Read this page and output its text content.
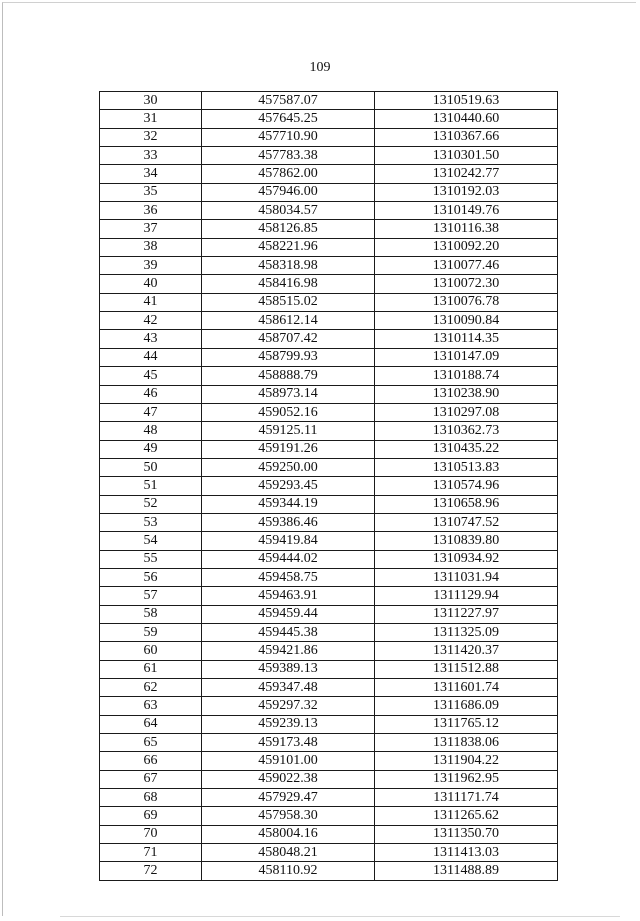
109
30	457587.07	1310519.63
31	457645.25	1310440.60
32	457710.90	1310367.66
33	457783.38	1310301.50
34	457862.00	1310242.77
35	457946.00	1310192.03
36	458034.57	1310149.76
37	458126.85	1310116.38
38	458221.96	1310092.20
39	458318.98	1310077.46
40	458416.98	1310072.30
41	458515.02	1310076.78
42	458612.14	1310090.84
43	458707.42	1310114.35
44	458799.93	1310147.09
45	458888.79	1310188.74
46	458973.14	1310238.90
47	459052.16	1310297.08
48	459125.11	1310362.73
49	459191.26	1310435.22
50	459250.00	1310513.83
51	459293.45	1310574.96
52	459344.19	1310658.96
53	459386.46	1310747.52
54	459419.84	1310839.80
55	459444.02	1310934.92
56	459458.75	1311031.94
57	459463.91	1311129.94
58	459459.44	1311227.97
59	459445.38	1311325.09
60	459421.86	1311420.37
61	459389.13	1311512.88
62	459347.48	1311601.74
63	459297.32	1311686.09
64	459239.13	1311765.12
65	459173.48	1311838.06
66	459101.00	1311904.22
67	459022.38	1311962.95
68	457929.47	1311171.74
69	457958.30	1311265.62
70	458004.16	1311350.70
71	458048.21	1311413.03
72	458110.92	1311488.89
